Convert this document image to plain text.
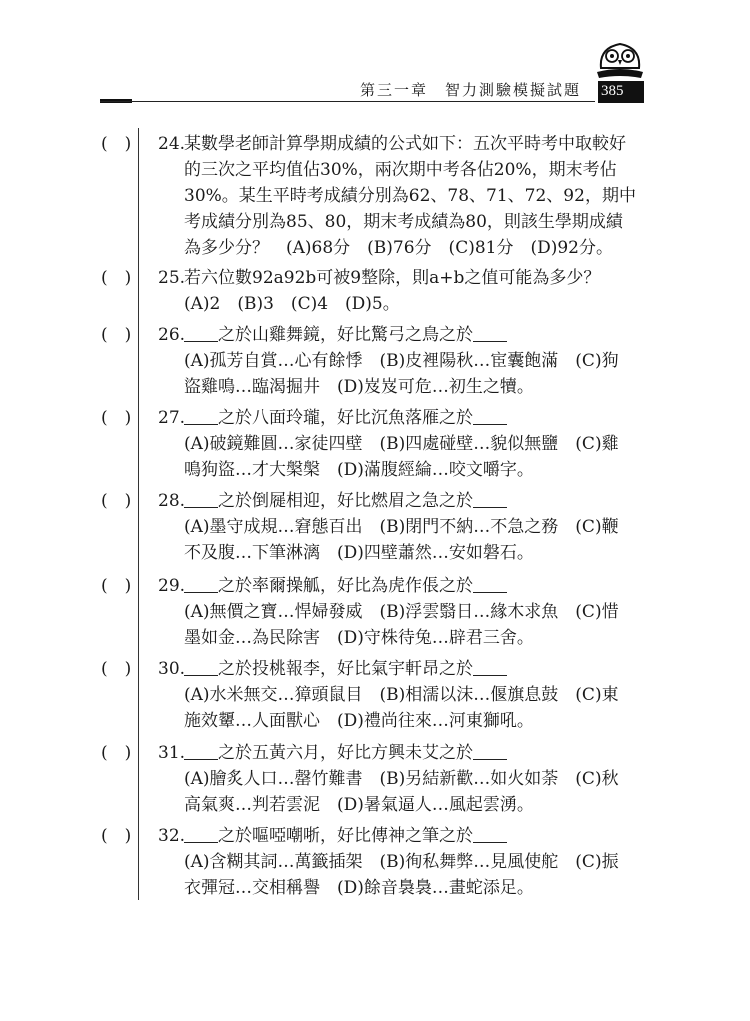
第三一章　智力測驗模擬試題 385
(　) 24.
某數學老師計算學期成績的公式如下：五次平時考中取較好
的三次之平均值佔30%，兩次期中考各佔20%，期末考佔
30%。某生平時考成績分別為62、78、71、72、92，期中
考成績分別為85、80，期末考成績為80，則該生學期成績
為多少分？　(A)68分　(B)76分　(C)81分　(D)92分。
(　) 25.
若六位數92a92b可被9整除，則a+b之值可能為多少？
(A)2　(B)3　(C)4　(D)5。
(　) 26.	之於山雞舞鏡，好比驚弓之鳥之於
(A)孤芳自賞…心有餘悸　(B)皮裡陽秋…宦囊飽滿　(C)狗
盜雞鳴…臨渴掘井　(D)岌岌可危…初生之犢。
(　) 27.	之於八面玲瓏，好比沉魚落雁之於
(A)破鏡難圓…家徒四壁　(B)四處碰壁…貌似無鹽　(C)雞
鳴狗盜…才大槃槃　(D)滿腹經綸…咬文嚼字。
(　) 28.	之於倒屣相迎，好比燃眉之急之於
(A)墨守成規…窘態百出　(B)閉門不納…不急之務　(C)鞭
不及腹…下筆淋漓　(D)四壁蕭然…安如磐石。
(　) 29.	之於率爾操觚，好比為虎作倀之於
(A)無價之寶…悍婦發威　(B)浮雲翳日…緣木求魚　(C)惜
墨如金…為民除害　(D)守株待兔…辟君三舍。
(　) 30.	之於投桃報李，好比氣宇軒昂之於
(A)水米無交…獐頭鼠目　(B)相濡以沫…偃旗息鼓　(C)東
施效顰…人面獸心　(D)禮尚往來…河東獅吼。
(　) 31.	之於五黃六月，好比方興未艾之於
(A)膾炙人口…罄竹難書　(B)另結新歡…如火如荼　(C)秋
高氣爽…判若雲泥　(D)暑氣逼人…風起雲湧。
(　) 32.	之於嘔啞嘲哳，好比傳神之筆之於
(A)含糊其詞…萬籤插架　(B)徇私舞弊…見風使舵　(C)振
衣彈冠…交相稱譽　(D)餘音裊裊…畫蛇添足。
